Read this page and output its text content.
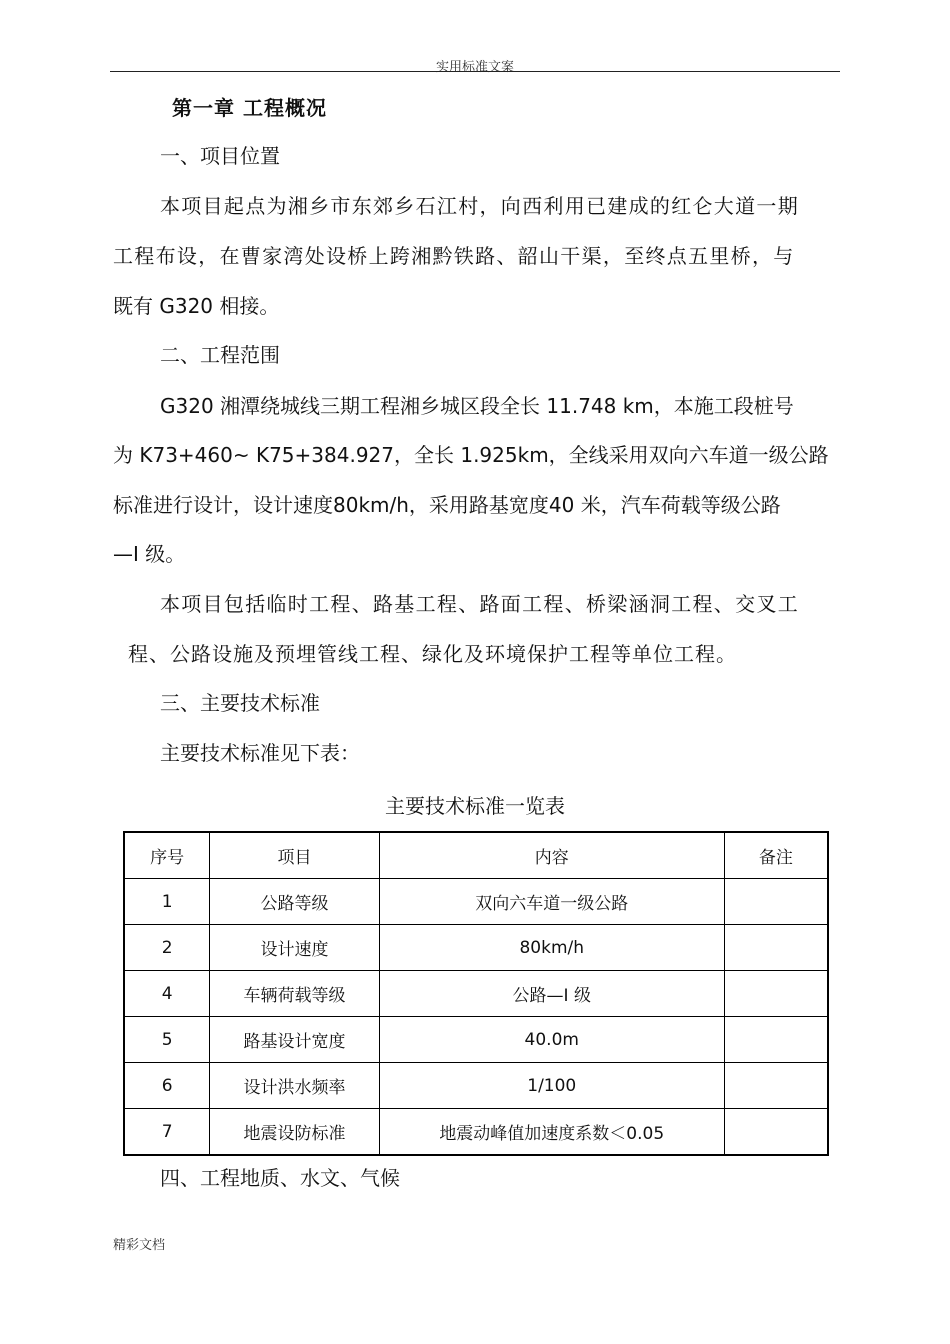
实用标准文案
第一章 工程概况
一、项目位置
本项目起点为湘乡市东郊乡石江村，向西利用已建成的红仑大道一期
工程布设，在曹家湾处设桥上跨湘黔铁路、韶山干渠，至终点五里桥，与
既有 G320 相接。
二、工程范围
G320 湘潭绕城线三期工程湘乡城区段全长 11.748 km，本施工段桩号
为 K73+460~ K75+384.927，全长 1.925km，全线采用双向六车道一级公路
标准进行设计，设计速度80km/h，采用路基宽度40 米，汽车荷载等级公路
—Ⅰ 级。
本项目包括临时工程、路基工程、路面工程、桥梁涵洞工程、交叉工
程、公路设施及预埋管线工程、绿化及环境保护工程等单位工程。
三、主要技术标准
主要技术标准见下表：
主要技术标准一览表
序号	项目	内容	备注
1	公路等级	双向六车道一级公路	
2	设计速度	80km/h	
4	车辆荷载等级	公路—Ⅰ 级	
5	路基设计宽度	40.0m	
6	设计洪水频率	1/100	
7	地震设防标准	地震动峰值加速度系数＜0.05	
四、工程地质、水文、气候
精彩文档
